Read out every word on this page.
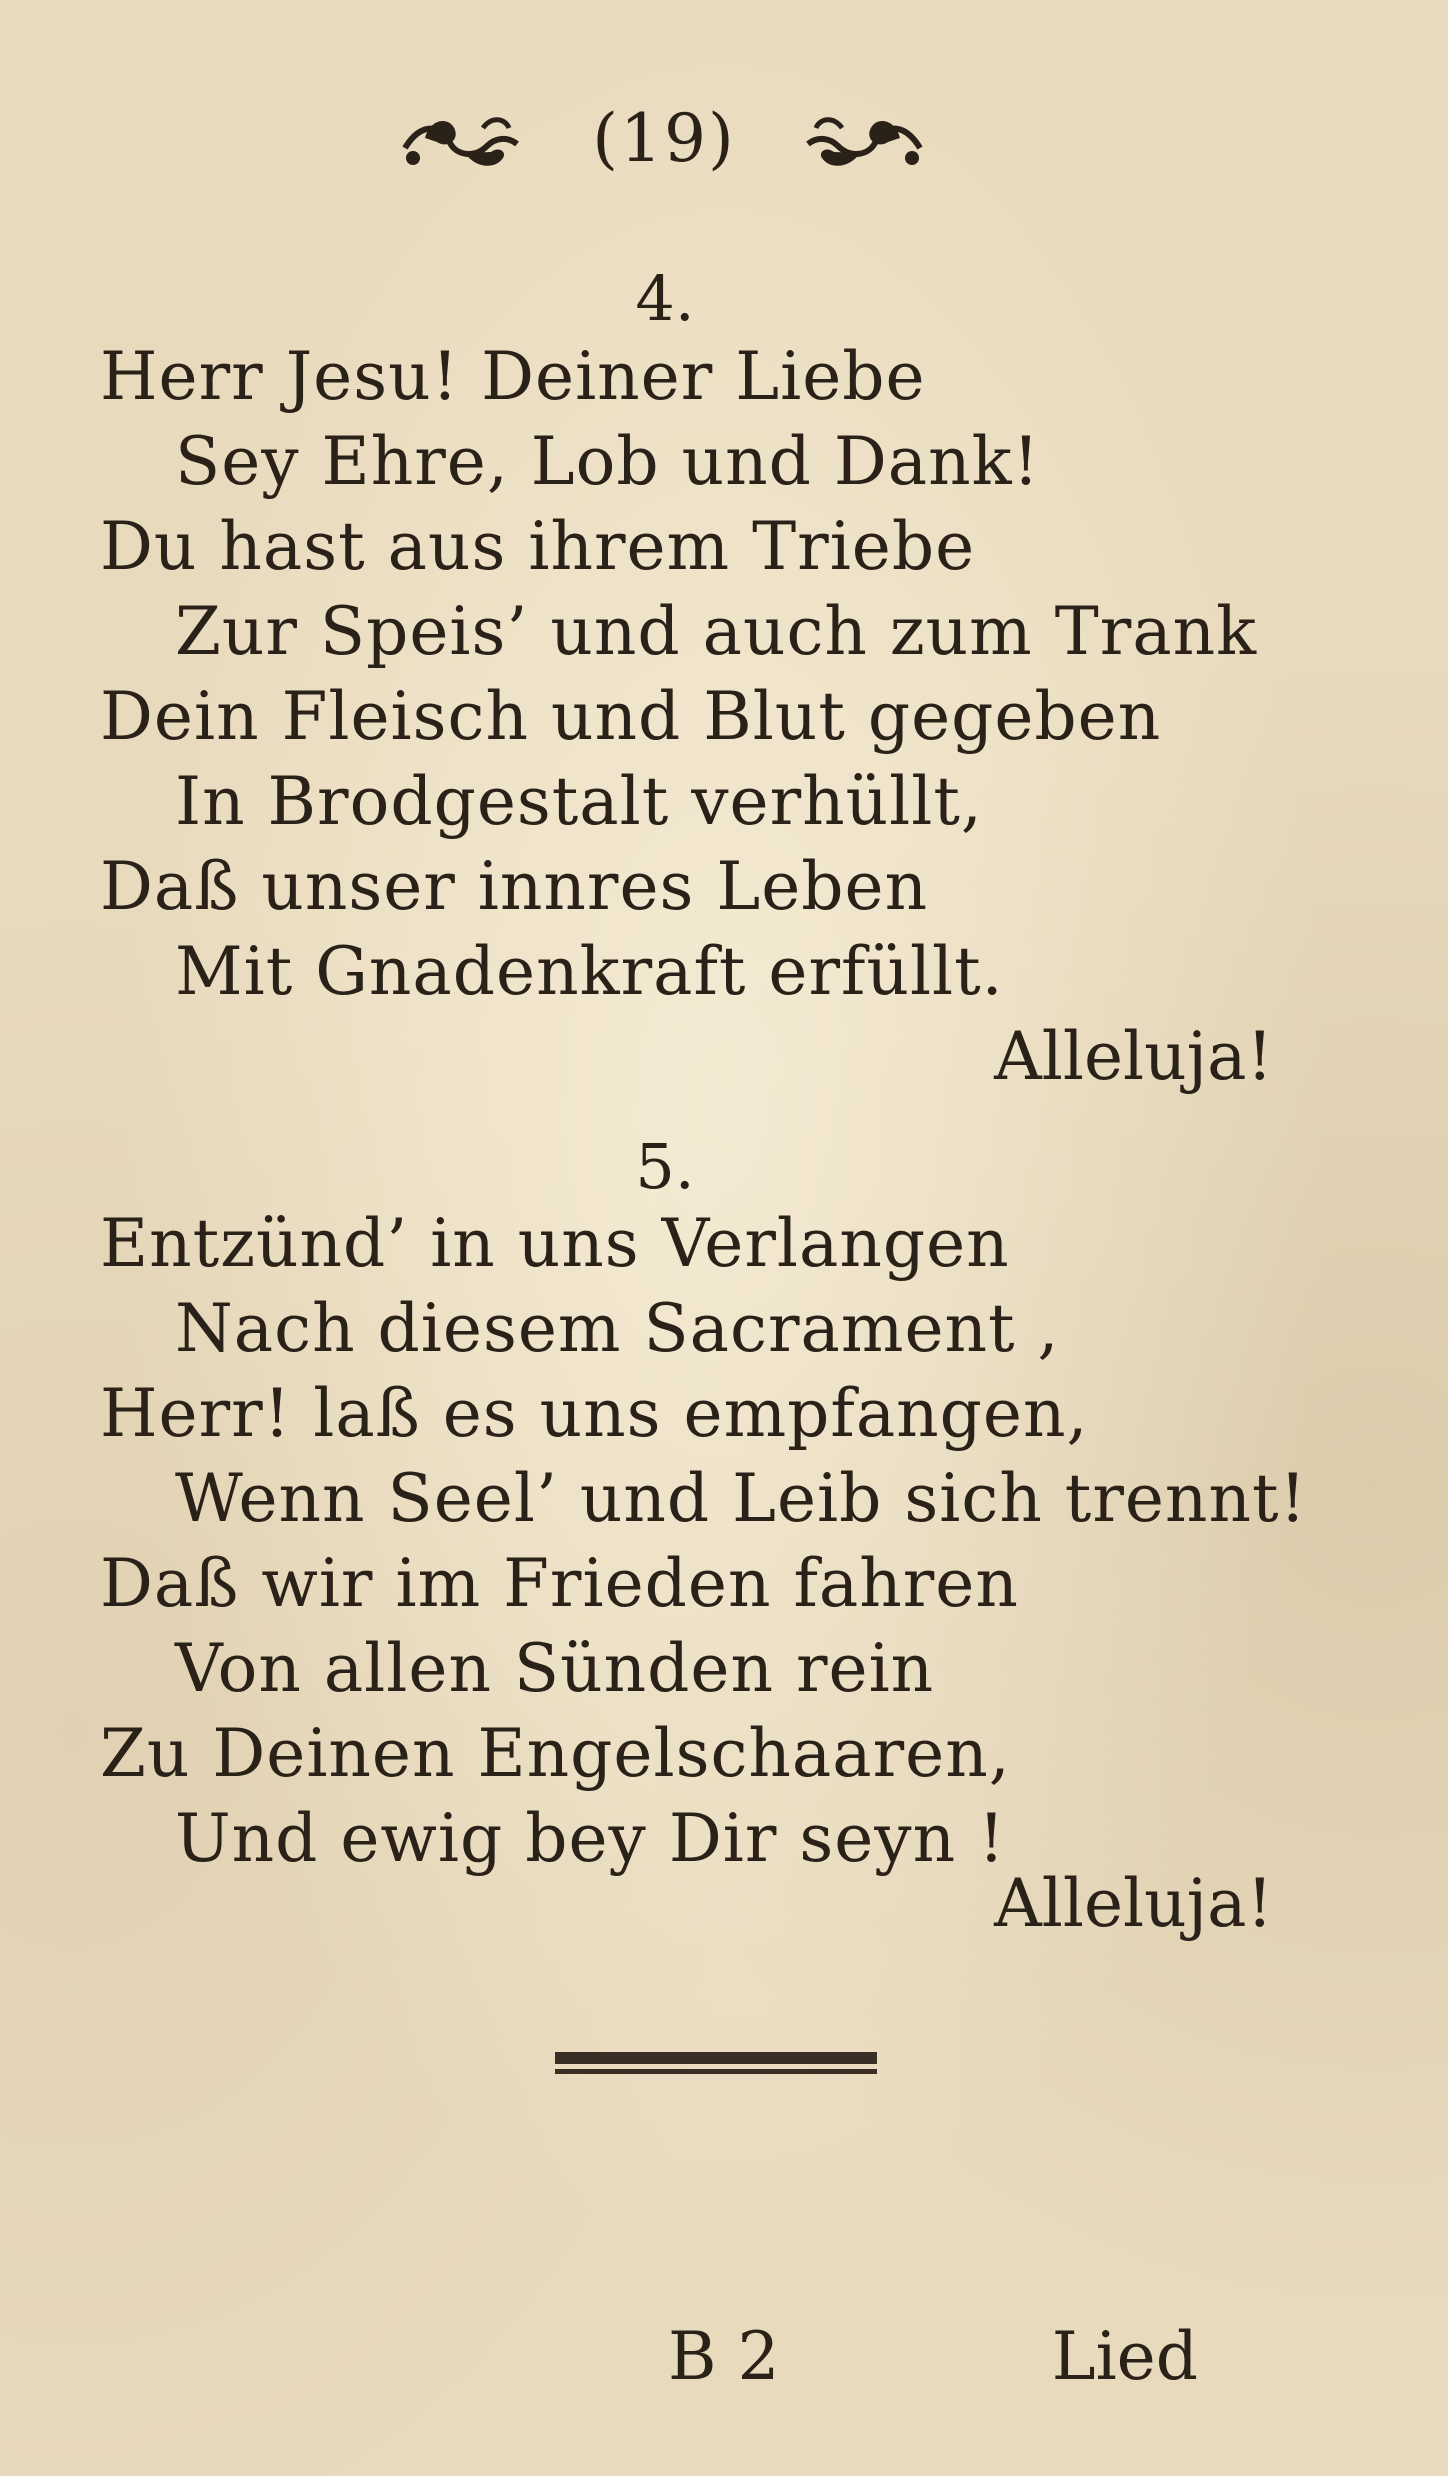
(19)
4.
Herr Jesu! Deiner Liebe
Sey Ehre, Lob und Dank!
Du hast aus ihrem Triebe
Zur Speis’ und auch zum Trank
Dein Fleisch und Blut gegeben
In Brodgestalt verhüllt,
Daß unser innres Leben
Mit Gnadenkraft erfüllt.
Alleluja!
5.
Entzünd’ in uns Verlangen
Nach diesem Sacrament ,
Herr! laß es uns empfangen,
Wenn Seel’ und Leib sich trennt!
Daß wir im Frieden fahren
Von allen Sünden rein
Zu Deinen Engelschaaren,
Und ewig bey Dir seyn !
Alleluja!
B 2	Lied
